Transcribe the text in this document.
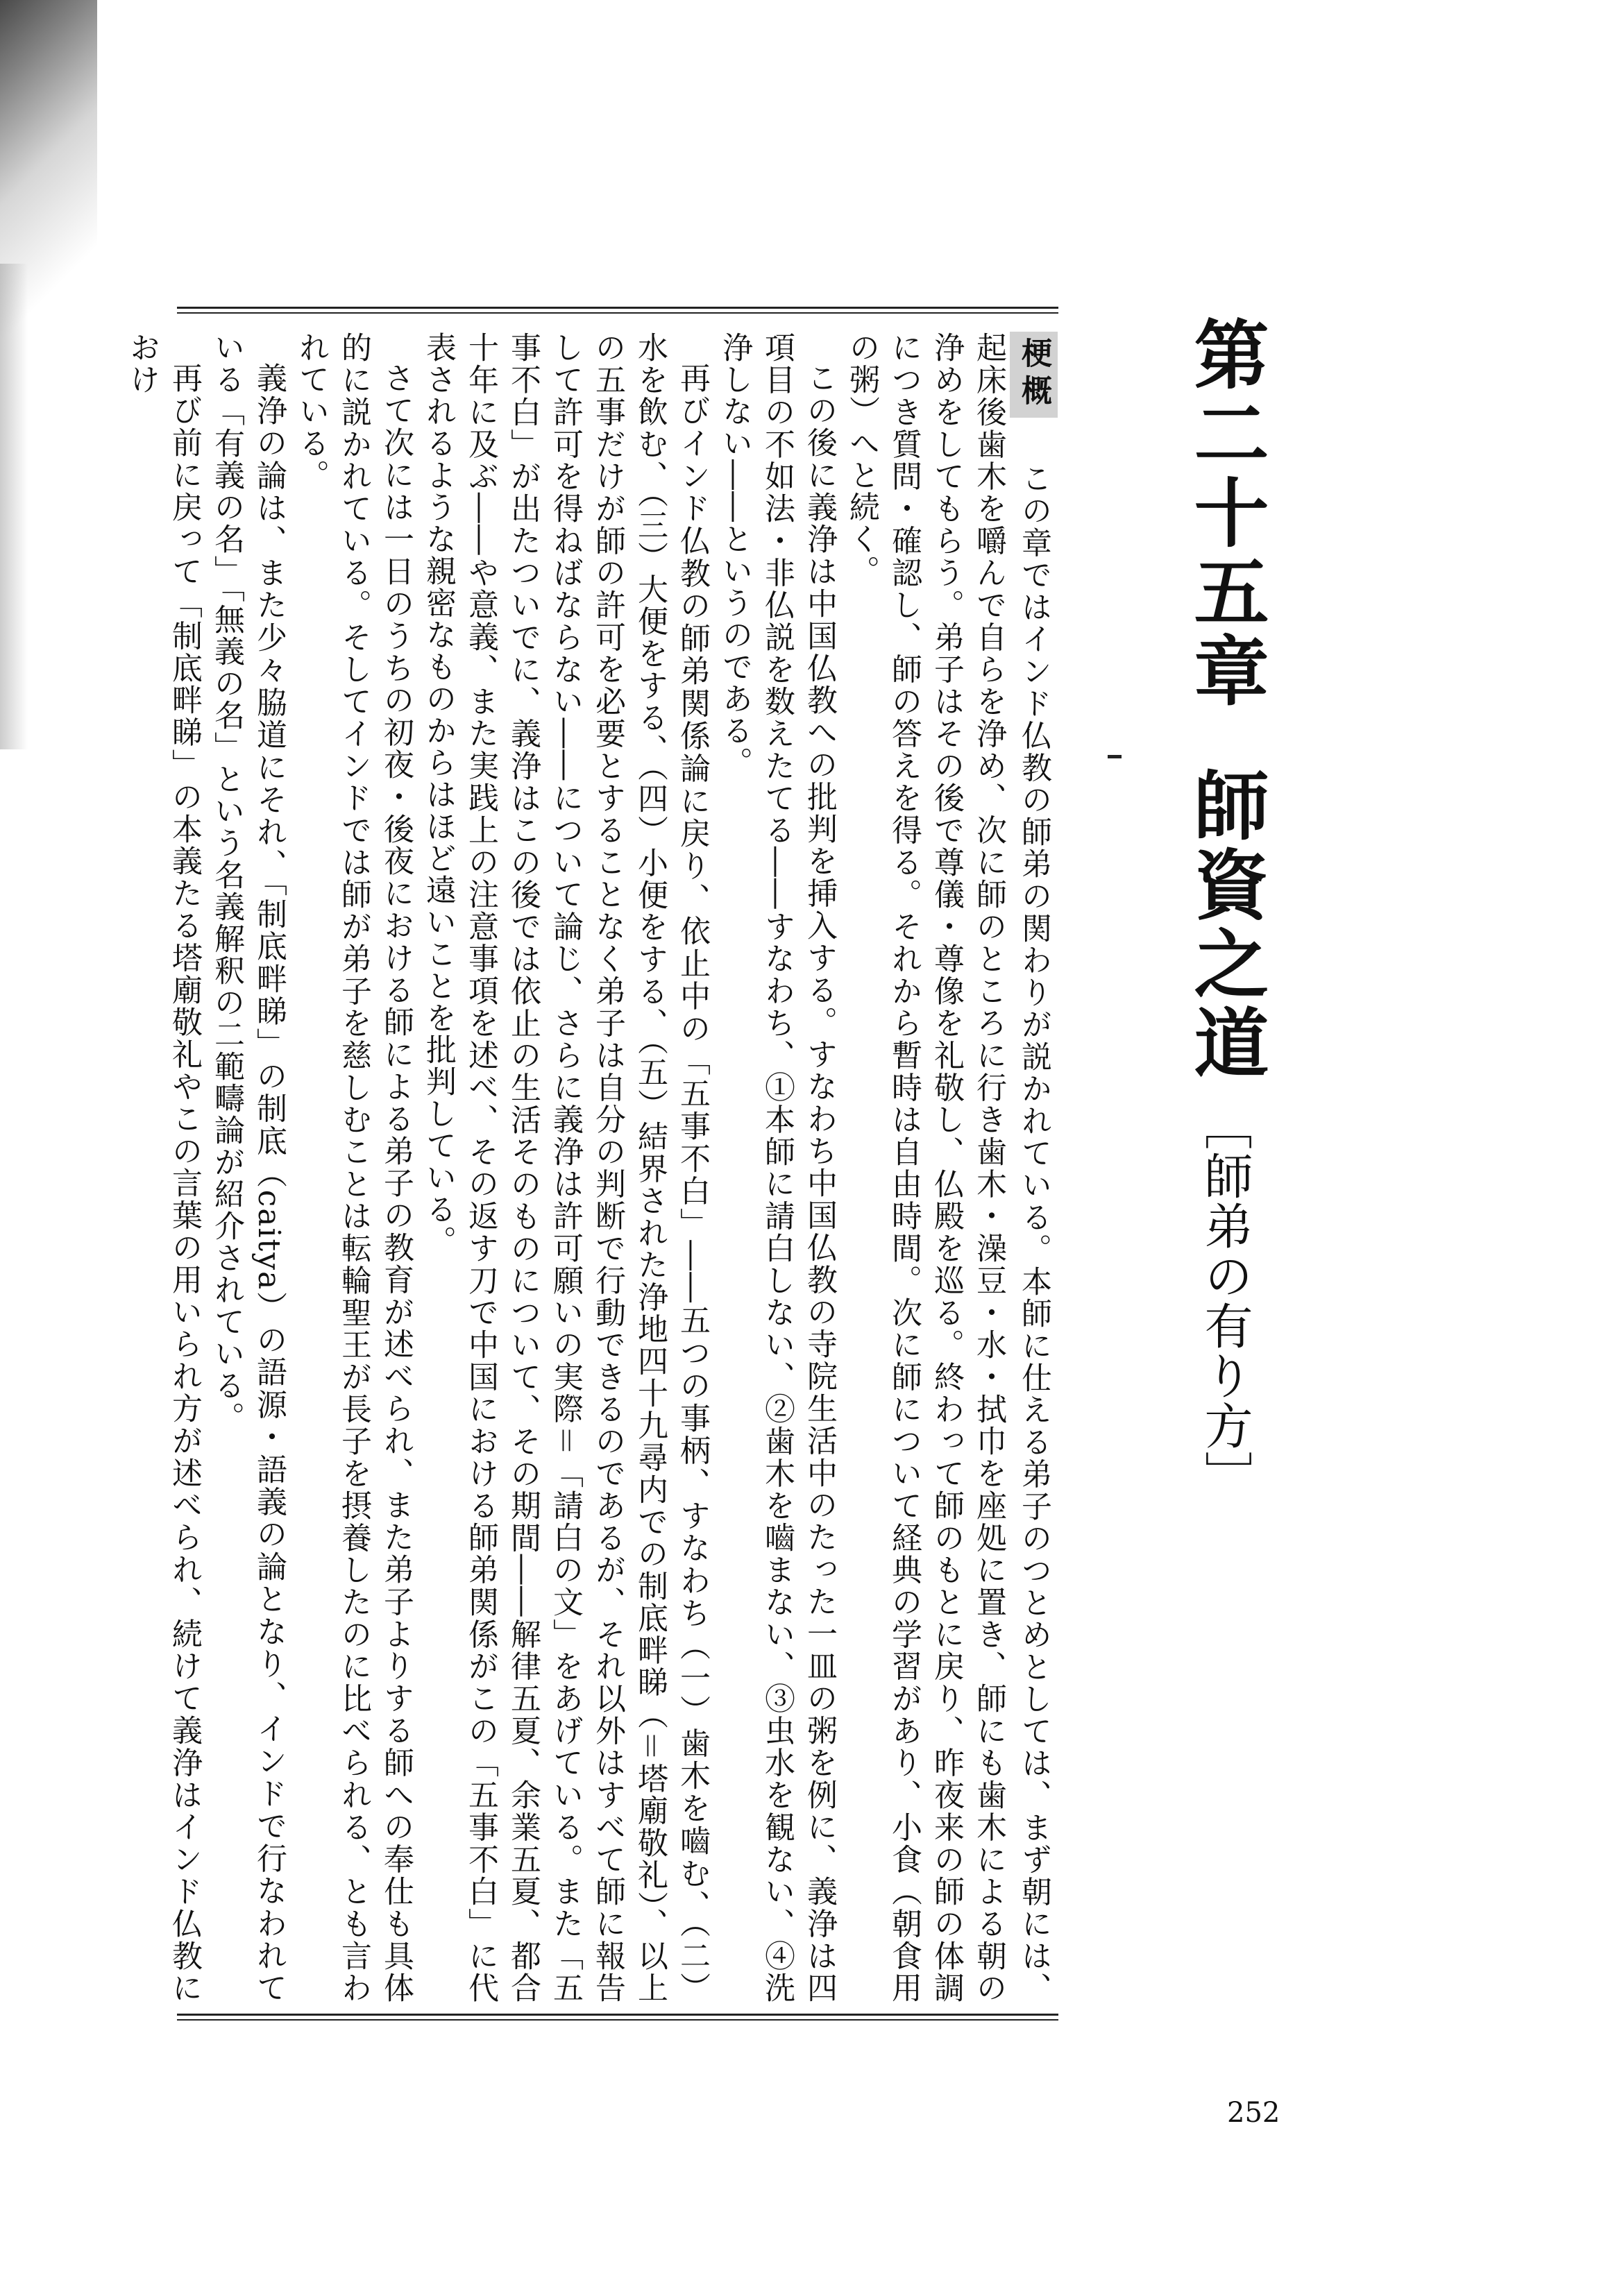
第二十五章師資之道［師弟の有り方］

梗概　この章ではインド仏教の師弟の関わりが説かれている。本師に仕える弟子のつとめとしては、まず朝には、起床後歯木を嚼んで自らを浄め、次に師のところに行き歯木・澡豆・水・拭巾を座処に置き、師にも歯木による朝の浄めをしてもらう。弟子はその後で尊儀・尊像を礼敬し、仏殿を巡る。終わって師のもとに戻り、昨夜来の師の体調につき質問・確認し、師の答えを得る。それから暫時は自由時間。次に師について経典の学習があり、小食（朝食用の粥）へと続く。

この後に義浄は中国仏教への批判を挿入する。すなわち中国仏教の寺院生活中のたった一皿の粥を例に、義浄は四項目の不如法・非仏説を数えたてる――すなわち、①本師に請白しない、②歯木を嚙まない、③虫水を観ない、④洗浄しない――というのである。

再びインド仏教の師弟関係論に戻り、依止中の「五事不白」――五つの事柄、すなわち（一）歯木を嚙む、（二）水を飲む、（三）大便をする、（四）小便をする、（五）結界された浄地四十九尋内での制底畔睇（＝塔廟敬礼）、以上の五事だけが師の許可を必要とすることなく弟子は自分の判断で行動できるのであるが、それ以外はすべて師に報告して許可を得ねばならない――について論じ、さらに義浄は許可願いの実際＝「請白の文」をあげている。また「五事不白」が出たついでに、義浄はこの後では依止の生活そのものについて、その期間――解律五夏、余業五夏、都合十年に及ぶ――や意義、また実践上の注意事項を述べ、その返す刀で中国における師弟関係がこの「五事不白」に代表されるような親密なものからはほど遠いことを批判している。

さて次には一日のうちの初夜・後夜における師による弟子の教育が述べられ、また弟子よりする師への奉仕も具体的に説かれている。そしてインドでは師が弟子を慈しむことは転輪聖王が長子を摂養したのに比べられる、とも言われている。

義浄の論は、また少々脇道にそれ、「制底畔睇」の制底（caitya）の語源・語義の論となり、インドで行なわれている「有義の名」「無義の名」という名義解釈の二範疇論が紹介されている。

再び前に戻って「制底畔睇」の本義たる塔廟敬礼やこの言葉の用いられ方が述べられ、続けて義浄はインド仏教におけ

252
